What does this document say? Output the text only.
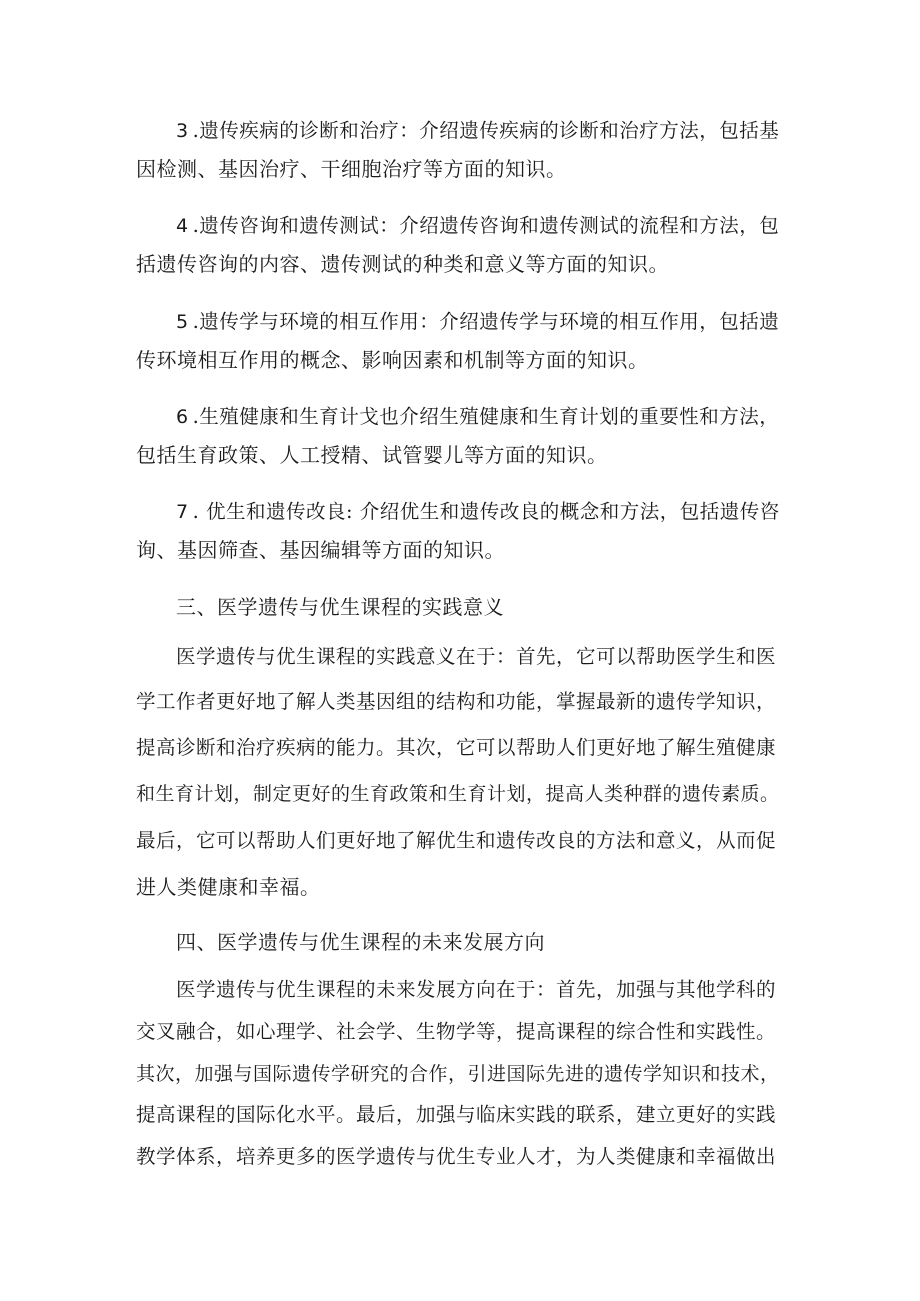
3 .遗传疾病的诊断和治疗：介绍遗传疾病的诊断和治疗方法，包括基
因检测、基因治疗、干细胞治疗等方面的知识。
4 .遗传咨询和遗传测试：介绍遗传咨询和遗传测试的流程和方法，包
括遗传咨询的内容、遗传测试的种类和意义等方面的知识。
5 .遗传学与环境的相互作用：介绍遗传学与环境的相互作用，包括遗
传环境相互作用的概念、影响因素和机制等方面的知识。
6 .生殖健康和生育计戈也介绍生殖健康和生育计划的重要性和方法，
包括生育政策、人工授精、试管婴儿等方面的知识。
7 . 优生和遗传改良: 介绍优生和遗传改良的概念和方法，包括遗传咨
询、基因筛查、基因编辑等方面的知识。
三、医学遗传与优生课程的实践意义
医学遗传与优生课程的实践意义在于：首先，它可以帮助医学生和医
学工作者更好地了解人类基因组的结构和功能，掌握最新的遗传学知识，
提高诊断和治疗疾病的能力。其次，它可以帮助人们更好地了解生殖健康
和生育计划，制定更好的生育政策和生育计划，提高人类种群的遗传素质。
最后，它可以帮助人们更好地了解优生和遗传改良的方法和意义，从而促
进人类健康和幸福。
四、医学遗传与优生课程的未来发展方向
医学遗传与优生课程的未来发展方向在于：首先，加强与其他学科的
交叉融合，如心理学、社会学、生物学等，提高课程的综合性和实践性。
其次，加强与国际遗传学研究的合作，引进国际先进的遗传学知识和技术，
提高课程的国际化水平。最后，加强与临床实践的联系，建立更好的实践
教学体系，培养更多的医学遗传与优生专业人才，为人类健康和幸福做出
